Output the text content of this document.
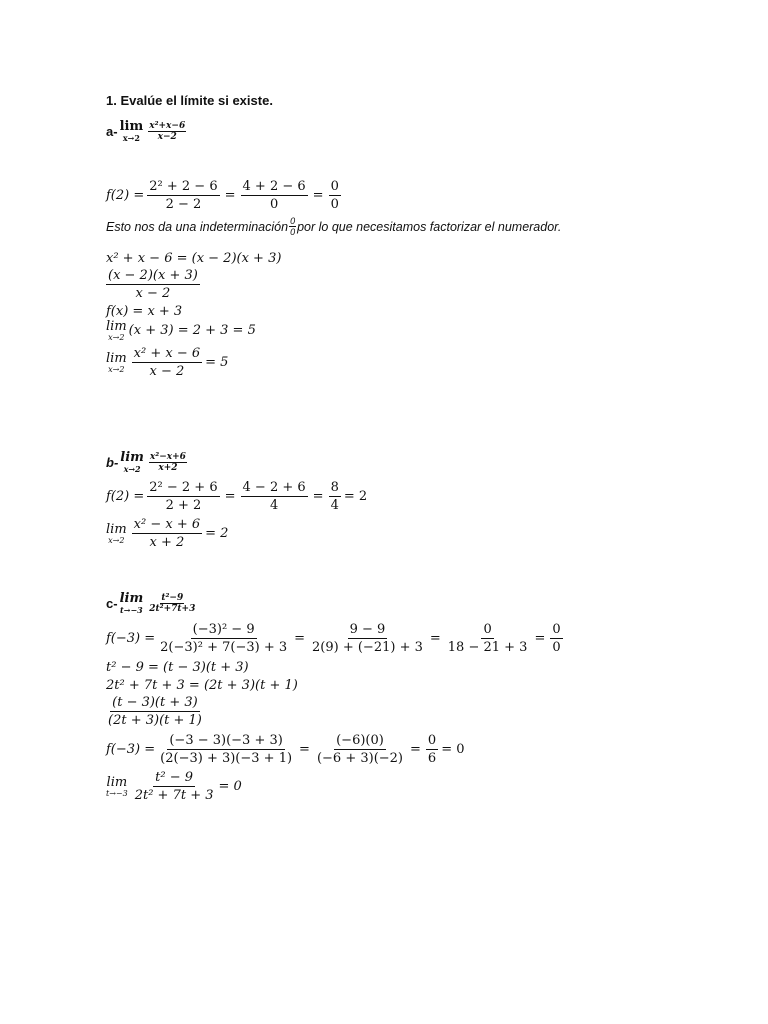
1. Evalúe el límite si existe.
a- lim
$x\to 2 \frac{\text{x²+x−6}}{x-2}$
$f(2) = \frac{\text{2² + 2 − 6}}{2 - 2} = \frac{4 + 2 - 6}{0} = \frac{0}{0}$
Esto nos da una indeterminación $\frac{0}{0}$ por lo que necesitamos factorizar el numerador.
x² + x − 6 = (x − 2)(x + 3)
$\frac{(x - 2)(x + 3)}{x - 2}$
f(x) = x + 3
lim
x→2 (x + 3) = 2 + 3 = 5
lim
$x\to 2 \frac{\text{x² + x − 6}}{x - 2} = 5$
b- lim
$x\to 2 \frac{\text{x²−x+6}}{x+2}$
$f(2) = \frac{\text{2² − 2 + 6}}{2 + 2} = \frac{4 - 2 + 6}{4} = \frac{8}{4} = 2$
lim
$x\to 2 \frac{\text{x² − x + 6}}{x + 2} = 2$
c- lim
$t\to-3 \frac{\text{t²−9}}{\text{2t²+7t+3}}$
$f(-3) = \frac{\text{(−3)² − 9}}{\text{2(−3)² + 7(−3) + 3}} = \frac{9 - 9}{2(9) + (-21) + 3} = \frac{0}{18 - 21 + 3} = \frac{0}{0}$
t² − 9 = (t − 3)(t + 3)
2t² + 7t + 3 = (2t + 3)(t + 1)
$\frac{(t - 3)(t + 3)}{(2t + 3)(t + 1)}$
$f(-3) = \frac{(-3 - 3)(-3 + 3)}{(2(-3) + 3)(-3 + 1)} = \frac{(-6)(0)}{(-6 + 3)(-2)} = \frac{0}{6} = 0$
lim
$t\to-3 \frac{\text{t² − 9}}{\text{2t² + 7t + 3}} = 0$
